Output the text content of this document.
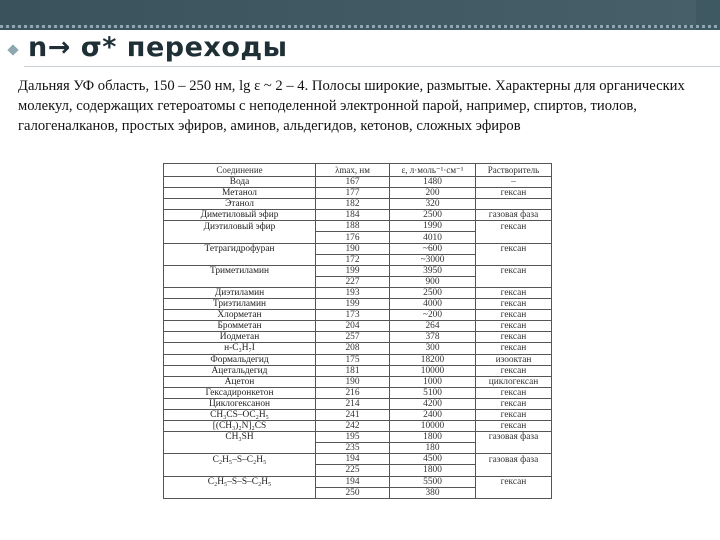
n→ σ* переходы
Дальняя УФ область, 150 – 250 нм, lg ε ~ 2 – 4. Полосы широкие, размытые. Характерны для органических молекул, содержащих гетероатомы с неподеленной электронной парой, например, спиртов, тиолов, галогеналканов, простых эфиров, аминов, альдегидов, кетонов, сложных эфиров
Соединение	λmax, нм	ε, л·моль⁻¹·см⁻¹	Растворитель
Вода	167	1480	–
Метанол	177	200	гексан
Этанол	182	320	
Диметиловый эфир	184	2500	газовая фаза
Диэтиловый эфир	188	1990	гексан
	176	4010	
Тетрагидрофуран	190	~600	гексан
	172	~3000	
Триметиламин	199	3950	гексан
	227	900	
Диэтиламин	193	2500	гексан
Триэтиламин	199	4000	гексан
Хлорметан	173	~200	гексан
Бромметан	204	264	гексан
Иодметан	257	378	гексан
н-C₃H₇I	208	300	гексан
Формальдегид	175	18200	изооктан
Ацетальдегид	181	10000	гексан
Ацетон	190	1000	циклогексан
Гексадиронкетон	216	5100	гексан
Циклогексанон	214	4200	гексан
CH₃CS–OC₂H₅	241	2400	гексан
[(CH₃)₂N]₂CS	242	10000	гексан
CH₃SH	195	1800	газовая фаза
	235	180	
C₂H₅–S–C₂H₅	194	4500	газовая фаза
	225	1800	
C₂H₅–S–S–C₂H₅	194	5500	гексан
	250	380	
